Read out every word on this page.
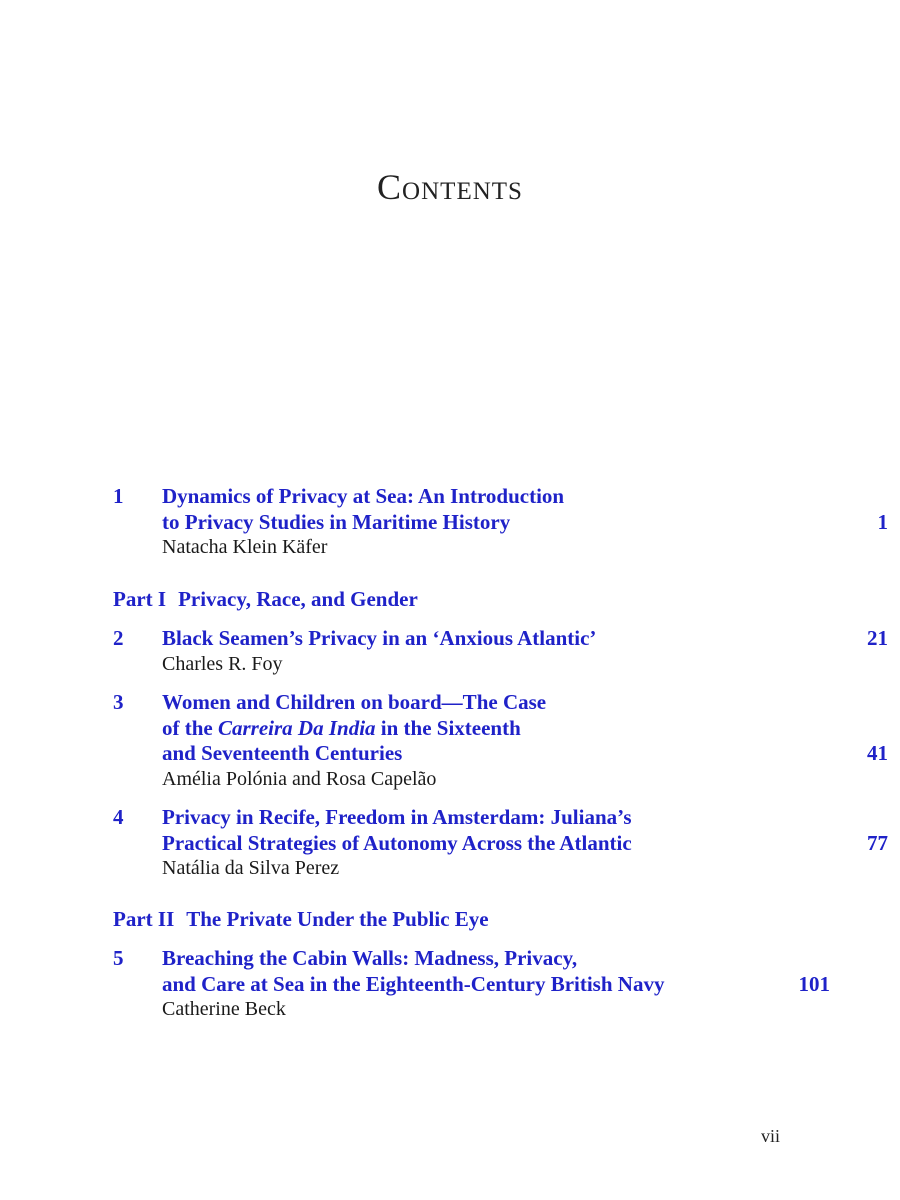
Contents
1 Dynamics of Privacy at Sea: An Introduction
to Privacy Studies in Maritime History	1
Natacha Klein Käfer
Part I Privacy, Race, and Gender
2 Black Seamen’s Privacy in an ‘Anxious Atlantic’	21
Charles R. Foy
3 Women and Children on board—The Case
of the Carreira Da India in the Sixteenth
and Seventeenth Centuries	41
Amélia Polónia and Rosa Capelão
4 Privacy in Recife, Freedom in Amsterdam: Juliana’s
Practical Strategies of Autonomy Across the Atlantic	77
Natália da Silva Perez
Part II The Private Under the Public Eye
5 Breaching the Cabin Walls: Madness, Privacy,
and Care at Sea in the Eighteenth-Century British Navy	101
Catherine Beck
vii
